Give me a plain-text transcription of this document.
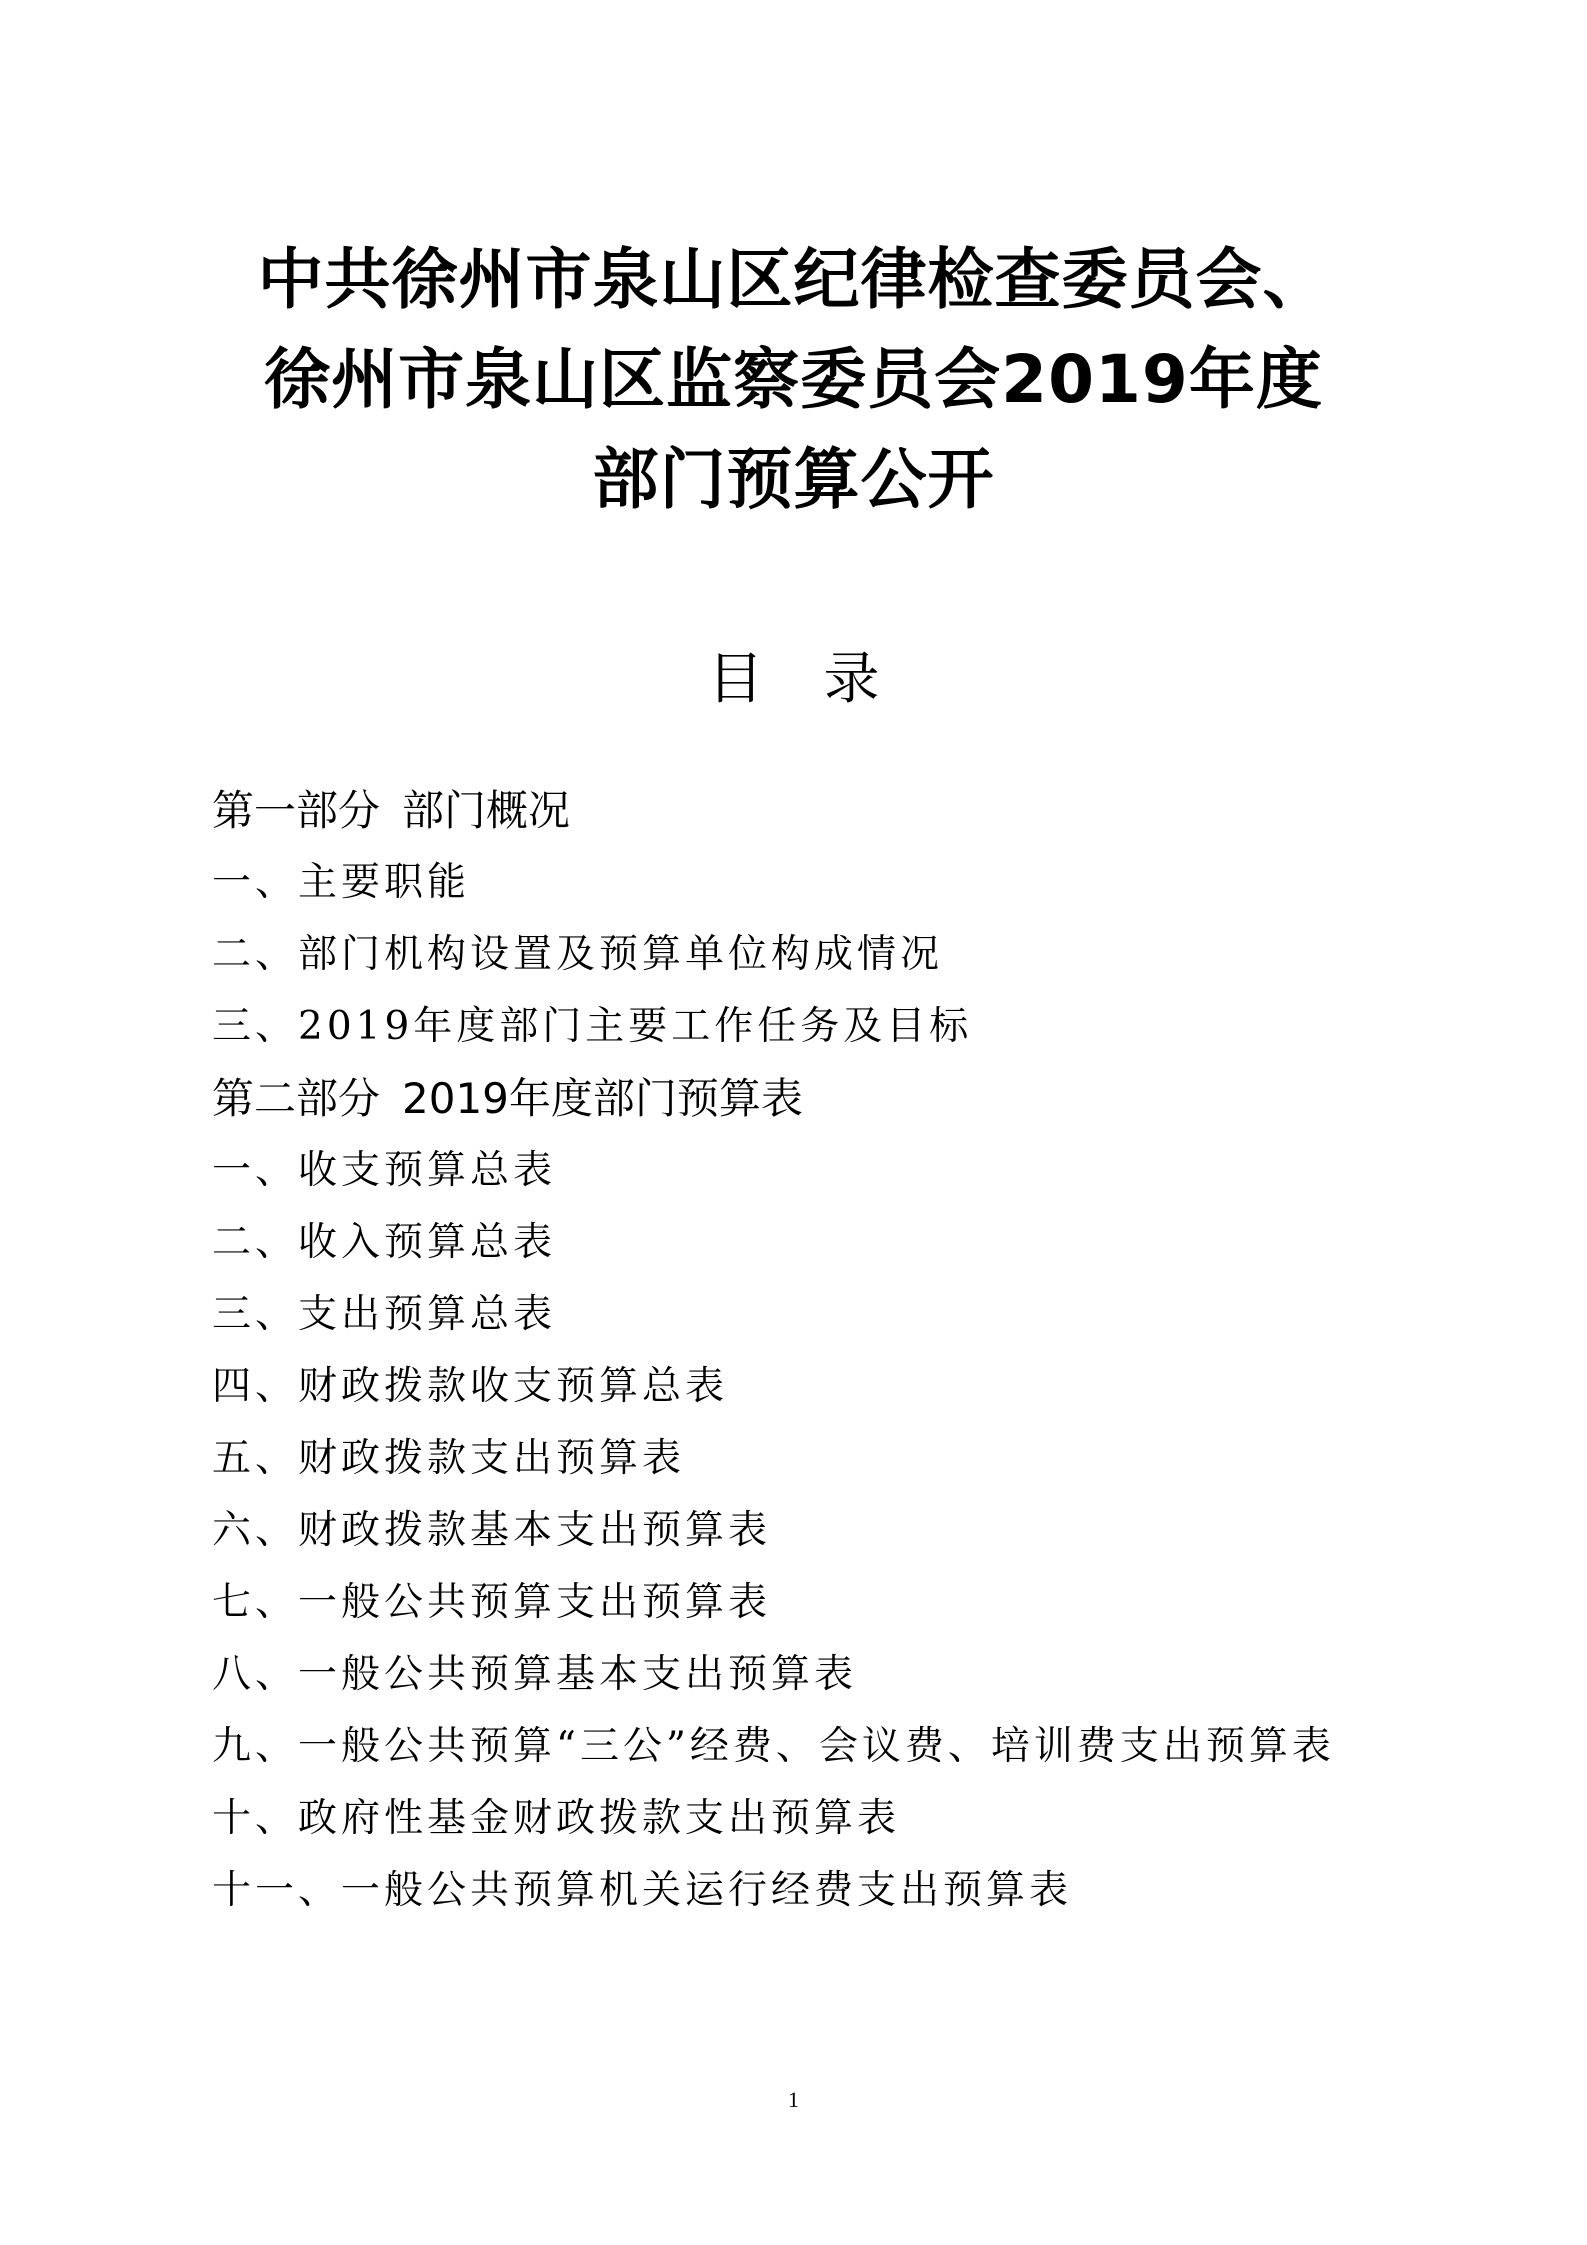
中共徐州市泉山区纪律检查委员会、
徐州市泉山区监察委员会2019年度
部门预算公开
目录
第一部分 部门概况
一、主要职能
二、部门机构设置及预算单位构成情况
三、2019年度部门主要工作任务及目标
第二部分 2019年度部门预算表
一、收支预算总表
二、收入预算总表
三、支出预算总表
四、财政拨款收支预算总表
五、财政拨款支出预算表
六、财政拨款基本支出预算表
七、一般公共预算支出预算表
八、一般公共预算基本支出预算表
九、一般公共预算“三公”经费、会议费、培训费支出预算表
十、政府性基金财政拨款支出预算表
十一、一般公共预算机关运行经费支出预算表
1
